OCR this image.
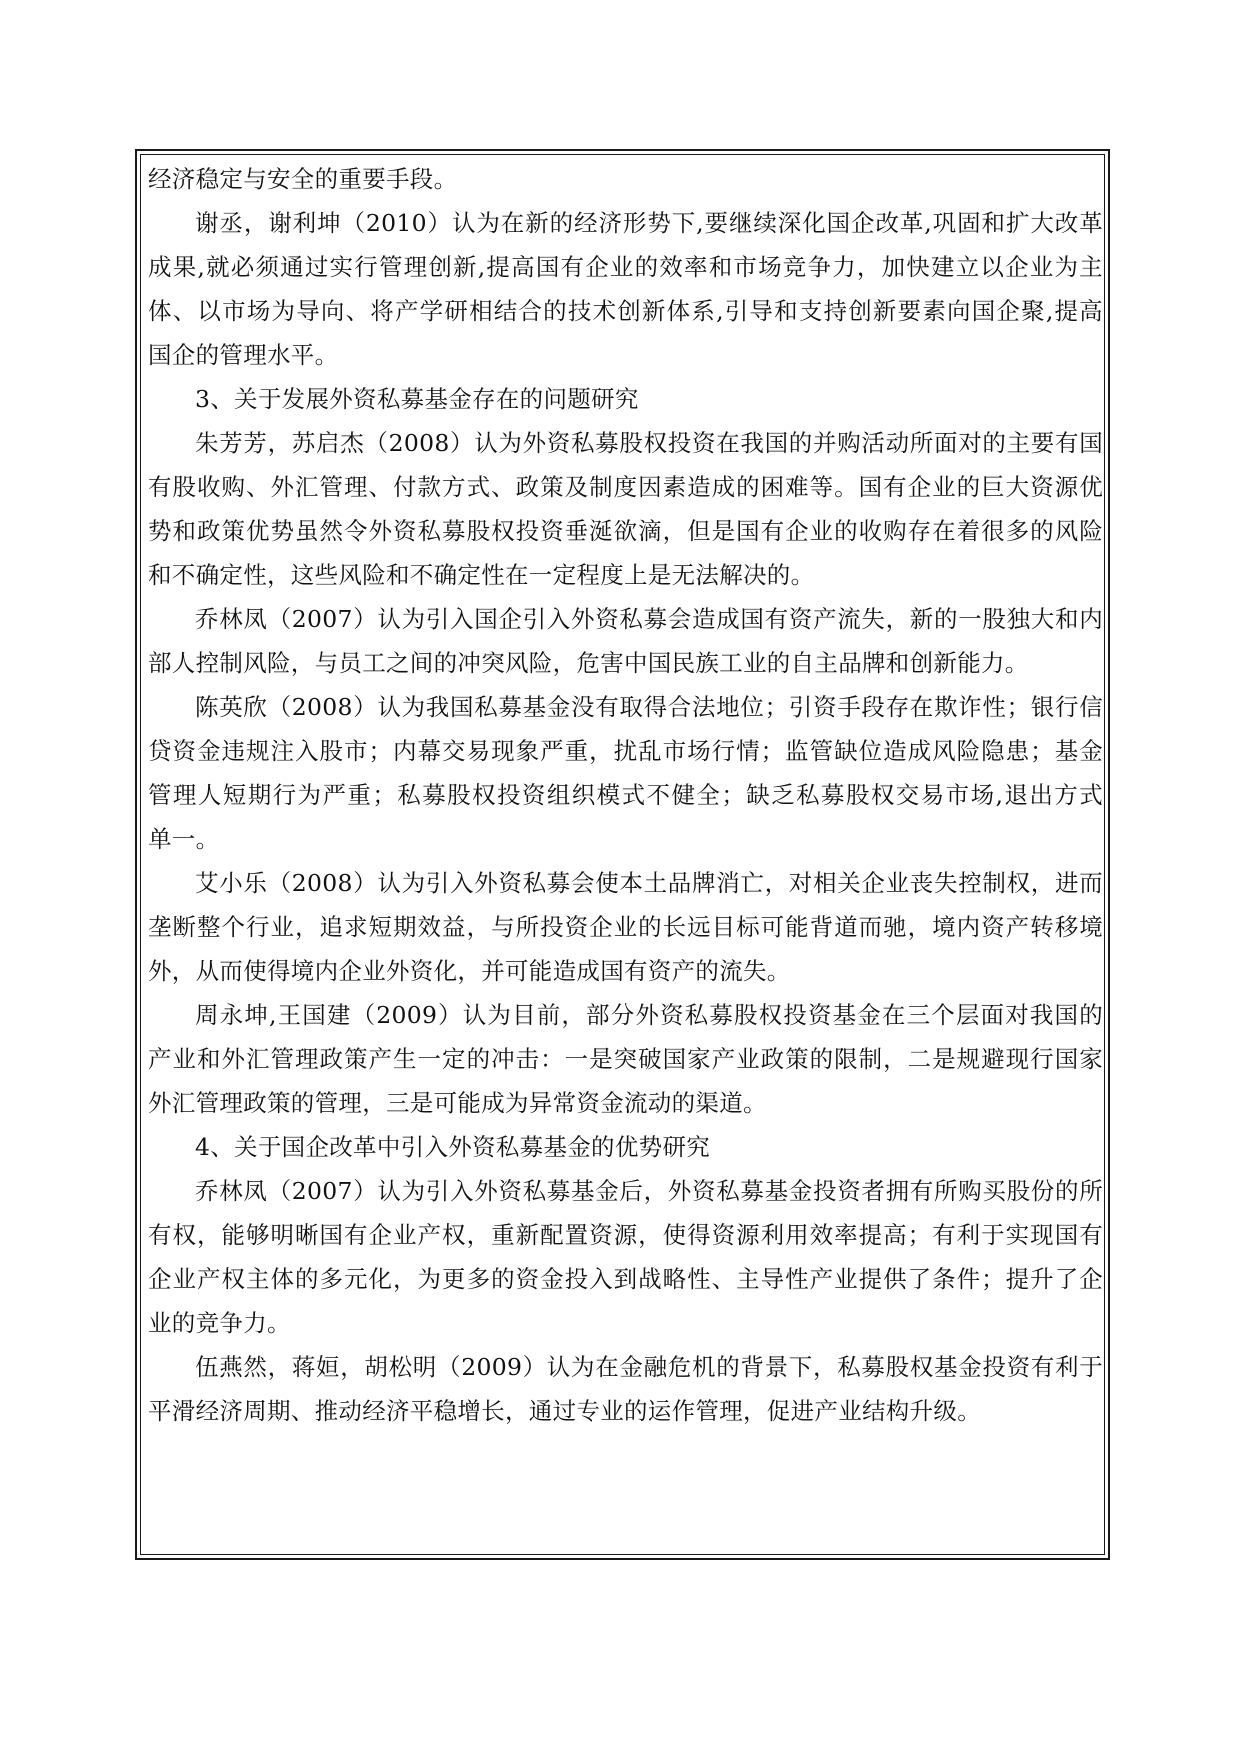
经济稳定与安全的重要手段。
谢丞，谢利坤（2010）认为在新的经济形势下,要继续深化国企改革,巩固和扩大改革
成果,就必须通过实行管理创新,提高国有企业的效率和市场竞争力，加快建立以企业为主
体、以市场为导向、将产学研相结合的技术创新体系,引导和支持创新要素向国企聚,提高
国企的管理水平。
3、关于发展外资私募基金存在的问题研究
朱芳芳，苏启杰（2008）认为外资私募股权投资在我国的并购活动所面对的主要有国
有股收购、外汇管理、付款方式、政策及制度因素造成的困难等。国有企业的巨大资源优
势和政策优势虽然令外资私募股权投资垂涎欲滴，但是国有企业的收购存在着很多的风险
和不确定性，这些风险和不确定性在一定程度上是无法解决的。
乔林凤（2007）认为引入国企引入外资私募会造成国有资产流失，新的一股独大和内
部人控制风险，与员工之间的冲突风险，危害中国民族工业的自主品牌和创新能力。
陈英欣（2008）认为我国私募基金没有取得合法地位；引资手段存在欺诈性；银行信
贷资金违规注入股市；内幕交易现象严重，扰乱市场行情；监管缺位造成风险隐患；基金
管理人短期行为严重；私募股权投资组织模式不健全；缺乏私募股权交易市场,退出方式
单一。
艾小乐（2008）认为引入外资私募会使本土品牌消亡，对相关企业丧失控制权，进而
垄断整个行业，追求短期效益，与所投资企业的长远目标可能背道而驰，境内资产转移境
外，从而使得境内企业外资化，并可能造成国有资产的流失。
周永坤,王国建（2009）认为目前，部分外资私募股权投资基金在三个层面对我国的
产业和外汇管理政策产生一定的冲击：一是突破国家产业政策的限制，二是规避现行国家
外汇管理政策的管理，三是可能成为异常资金流动的渠道。
4、关于国企改革中引入外资私募基金的优势研究
乔林凤（2007）认为引入外资私募基金后，外资私募基金投资者拥有所购买股份的所
有权，能够明晰国有企业产权，重新配置资源，使得资源利用效率提高；有利于实现国有
企业产权主体的多元化，为更多的资金投入到战略性、主导性产业提供了条件；提升了企
业的竞争力。
伍燕然，蒋姮，胡松明（2009）认为在金融危机的背景下，私募股权基金投资有利于
平滑经济周期、推动经济平稳增长，通过专业的运作管理，促进产业结构升级。
